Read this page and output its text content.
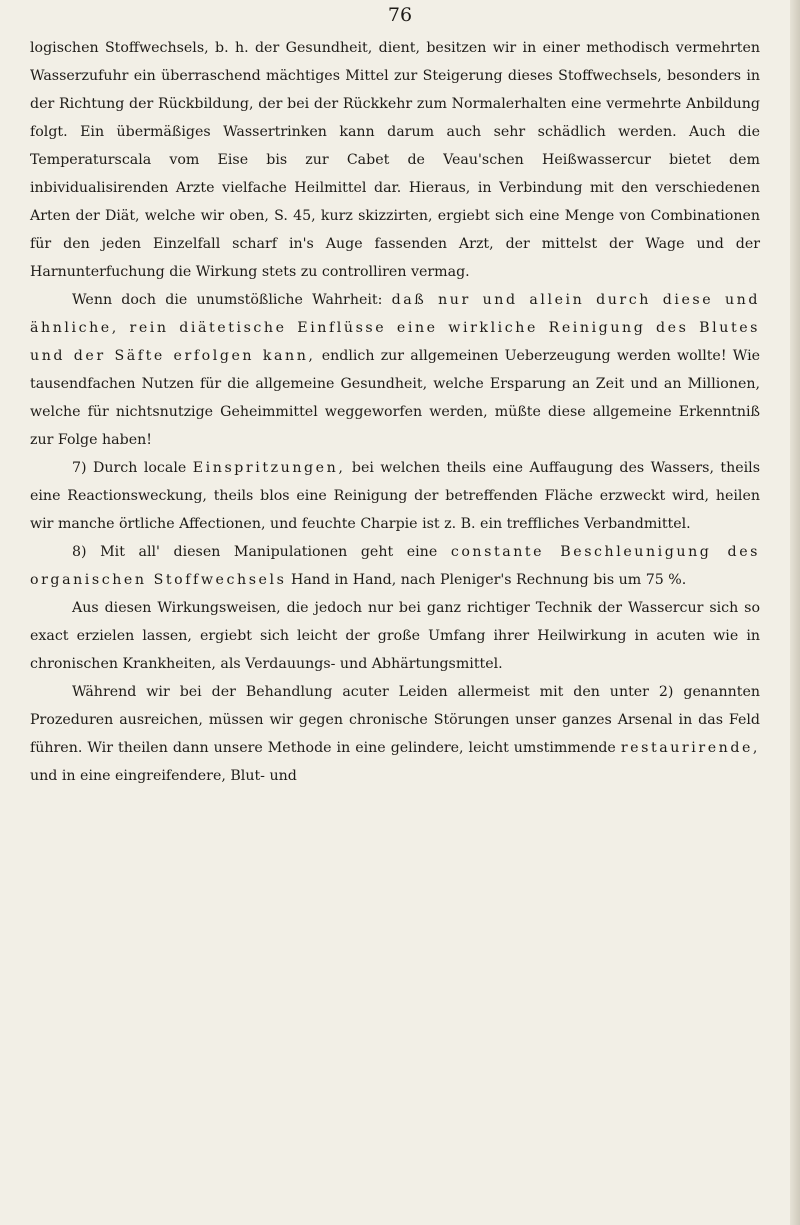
76

logischen Stoffwechsels, b. h. der Gesundheit, dient, besitzen wir in einer methodisch vermehrten Wasserzufuhr ein überraschend mächtiges Mittel zur Steigerung dieses Stoffwechsels, besonders in der Richtung der Rückbildung, der bei der Rückkehr zum Normalerhalten eine vermehrte Anbildung folgt. Ein übermäßiges Wassertrinken kann darum auch sehr schädlich werden. Auch die Temperaturscala vom Eise bis zur Cabet de Veau'schen Heißwassercur bietet dem inbividualisirenden Arzte vielfache Heilmittel dar. Hieraus, in Verbindung mit den verschiedenen Arten der Diät, welche wir oben, S. 45, kurz skizzirten, ergiebt sich eine Menge von Combinationen für den jeden Einzelfall scharf in's Auge fassenden Arzt, der mittelst der Wage und der Harnunterfuchung die Wirkung stets zu controlliren vermag.

Wenn doch die unumstößliche Wahrheit: daß nur und allein durch diese und ähnliche, rein diätetische Einflüsse eine wirkliche Reinigung des Blutes und der Säfte erfolgen kann, endlich zur allgemeinen Ueberzeugung werden wollte! Wie tausendfachen Nutzen für die allgemeine Gesundheit, welche Ersparung an Zeit und an Millionen, welche für nichtsnutzige Geheimmittel weggeworfen werden, müßte diese allgemeine Erkenntniß zur Folge haben!

7) Durch locale Einspritzungen, bei welchen theils eine Auffaugung des Wassers, theils eine Reactionsweckung, theils blos eine Reinigung der betreffenden Fläche erzweckt wird, heilen wir manche örtliche Affectionen, und feuchte Charpie ist z. B. ein treffliches Verbandmittel.

8) Mit all' diesen Manipulationen geht eine constante Beschleunigung des organischen Stoffwechsels Hand in Hand, nach Pleniger's Rechnung bis um 75 %.

Aus diesen Wirkungsweisen, die jedoch nur bei ganz richtiger Technik der Wassercur sich so exact erzielen lassen, ergiebt sich leicht der große Umfang ihrer Heilwirkung in acuten wie in chronischen Krankheiten, als Verdauungs- und Abhärtungsmittel.

Während wir bei der Behandlung acuter Leiden allermeist mit den unter 2) genannten Prozeduren ausreichen, müssen wir gegen chronische Störungen unser ganzes Arsenal in das Feld führen. Wir theilen dann unsere Methode in eine gelindere, leicht umstimmende restaurirende, und in eine eingreifendere, Blut- und
